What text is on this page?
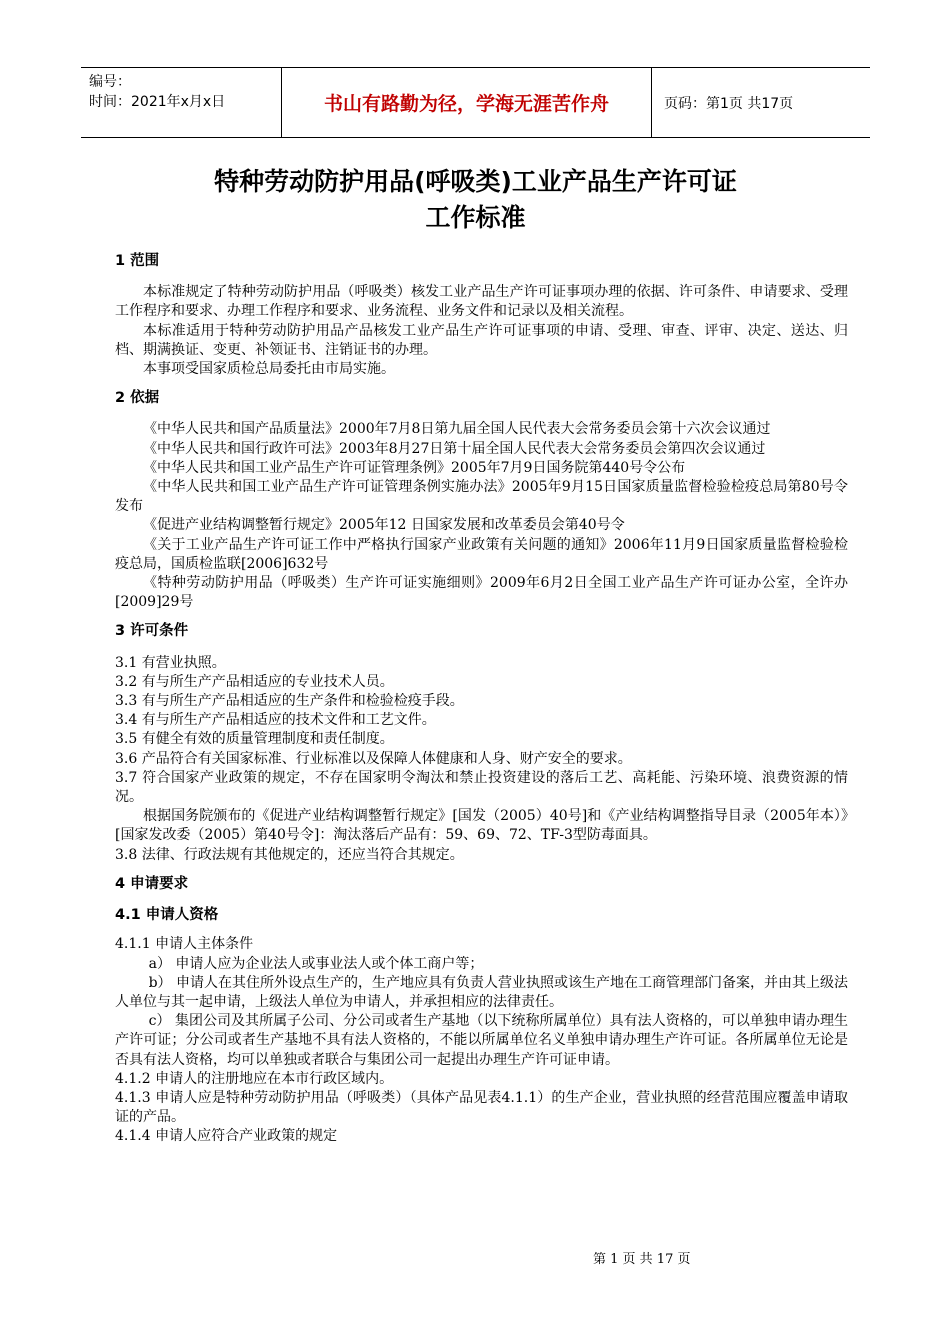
编号：
时间：2021年x月x日	书山有路勤为径，学海无涯苦作舟	页码：第1页 共17页
特种劳动防护用品(呼吸类)工业产品生产许可证
工作标准
1 范围

本标准规定了特种劳动防护用品（呼吸类）核发工业产品生产许可证事项办理的依据、许可条件、申请要求、受理工作程序和要求、办理工作程序和要求、业务流程、业务文件和记录以及相关流程。

本标准适用于特种劳动防护用品产品核发工业产品生产许可证事项的申请、受理、审查、评审、决定、送达、归档、期满换证、变更、补领证书、注销证书的办理。

本事项受国家质检总局委托由市局实施。

2 依据

《中华人民共和国产品质量法》2000年7月8日第九届全国人民代表大会常务委员会第十六次会议通过

《中华人民共和国行政许可法》2003年8月27日第十届全国人民代表大会常务委员会第四次会议通过

《中华人民共和国工业产品生产许可证管理条例》2005年7月9日国务院第440号令公布

《中华人民共和国工业产品生产许可证管理条例实施办法》2005年9月15日国家质量监督检验检疫总局第80号令发布

《促进产业结构调整暂行规定》2005年12 日国家发展和改革委员会第40号令

《关于工业产品生产许可证工作中严格执行国家产业政策有关问题的通知》2006年11月9日国家质量监督检验检疫总局，国质检监联[2006]632号

《特种劳动防护用品（呼吸类）生产许可证实施细则》2009年6月2日全国工业产品生产许可证办公室，全许办[2009]29号

3 许可条件

3.1 有营业执照。

3.2 有与所生产产品相适应的专业技术人员。

3.3 有与所生产产品相适应的生产条件和检验检疫手段。

3.4 有与所生产产品相适应的技术文件和工艺文件。

3.5 有健全有效的质量管理制度和责任制度。

3.6 产品符合有关国家标准、行业标准以及保障人体健康和人身、财产安全的要求。

3.7 符合国家产业政策的规定，不存在国家明令淘汰和禁止投资建设的落后工艺、高耗能、污染环境、浪费资源的情况。

根据国务院颁布的《促进产业结构调整暂行规定》[国发（2005）40号]和《产业结构调整指导目录（2005年本）》[国家发改委（2005）第40号令]：淘汰落后产品有：59、69、72、TF-3型防毒面具。

3.8 法律、行政法规有其他规定的，还应当符合其规定。

4 申请要求
4.1 申请人资格

4.1.1 申请人主体条件

a） 申请人应为企业法人或事业法人或个体工商户等；

b） 申请人在其住所外设点生产的，生产地应具有负责人营业执照或该生产地在工商管理部门备案，并由其上级法人单位与其一起申请，上级法人单位为申请人，并承担相应的法律责任。

c） 集团公司及其所属子公司、分公司或者生产基地（以下统称所属单位）具有法人资格的，可以单独申请办理生产许可证；分公司或者生产基地不具有法人资格的，不能以所属单位名义单独申请办理生产许可证。各所属单位无论是否具有法人资格，均可以单独或者联合与集团公司一起提出办理生产许可证申请。

4.1.2 申请人的注册地应在本市行政区域内。

4.1.3 申请人应是特种劳动防护用品（呼吸类）（具体产品见表4.1.1）的生产企业，营业执照的经营范围应覆盖申请取证的产品。

4.1.4 申请人应符合产业政策的规定

第 1 页 共 17 页
